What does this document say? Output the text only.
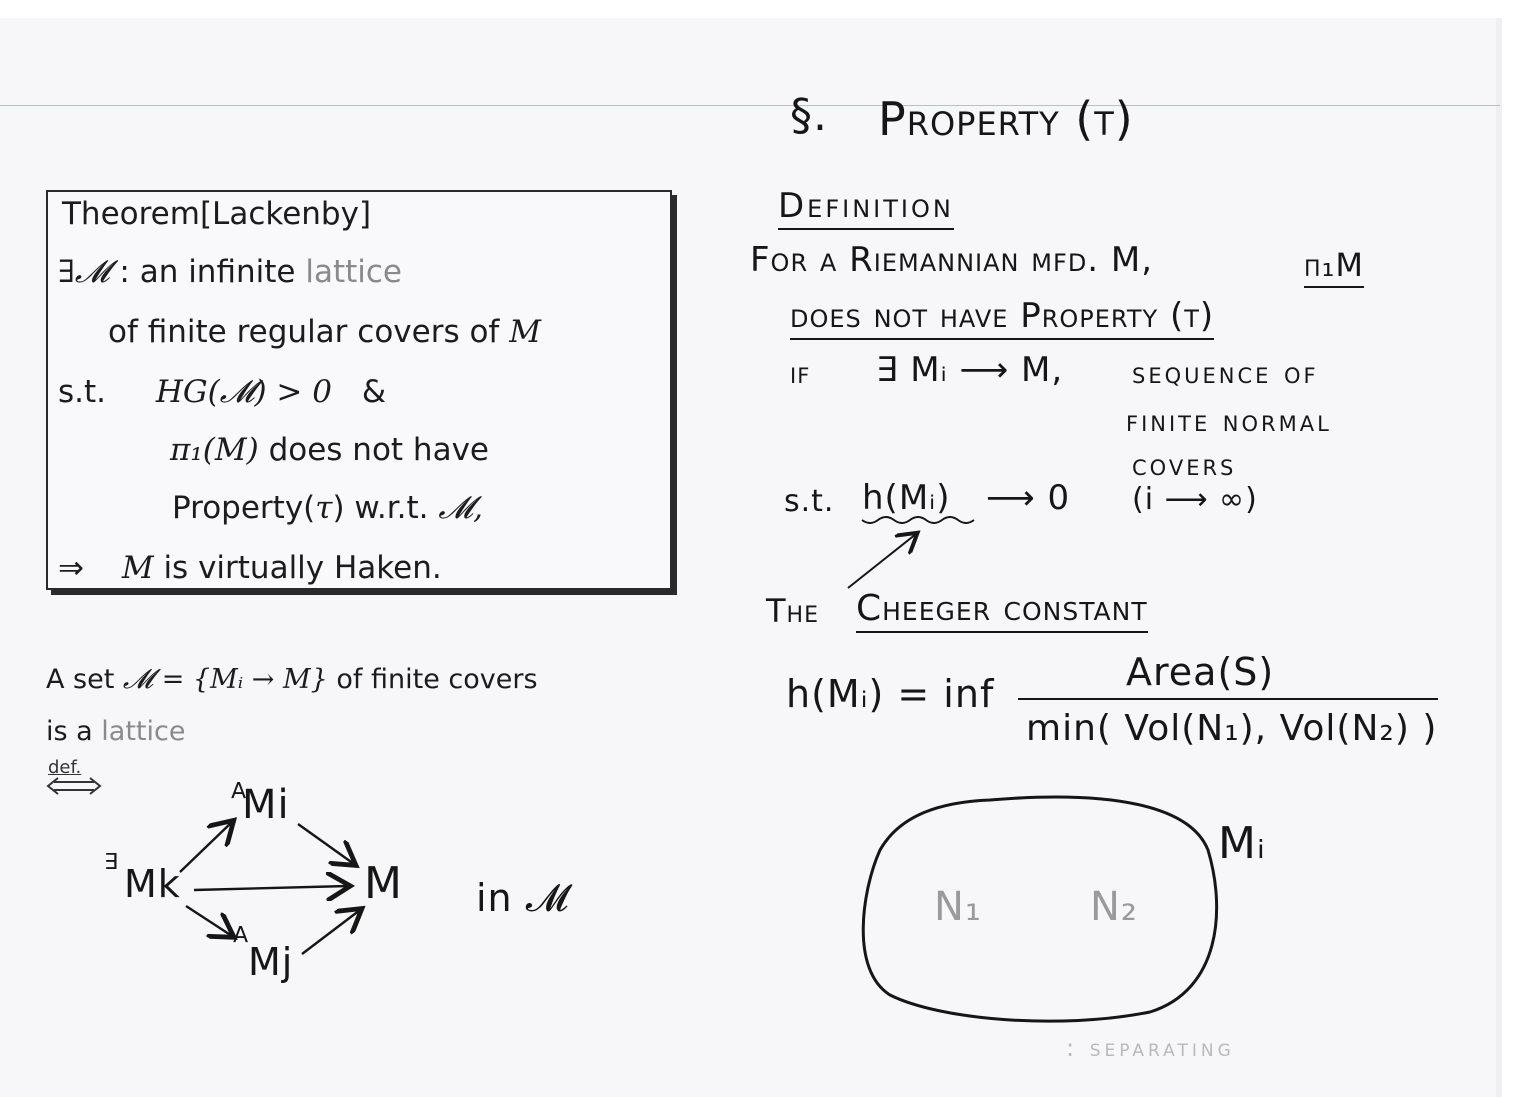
Theorem[Lackenby]
∃𝓜 : an infinite lattice
of finite regular covers of M
s.t. HG(𝓜) > 0 &
π₁(M) does not have
Property(τ) w.r.t. 𝓜,
⇒ M is virtually Haken.
A set 𝓜 = {Mᵢ → M} of finite covers
is a lattice
def.
∃ Mk
∀
Mi
∀
Mj
M in 𝓜
§. Property (τ)
Definition
For a Riemannian mfd. M,	π₁M
does not have Property (τ)
if ∃ Mᵢ ⟶ M, sequence of
finite normal
covers
s.t. h(Mᵢ) ⟶ 0 (i ⟶ ∞)
The Cheeger constant
h(Mᵢ) = inf	Area(S)
min( Vol(N₁), Vol(N₂) )
N₁	N₂
Mᵢ
: separating
